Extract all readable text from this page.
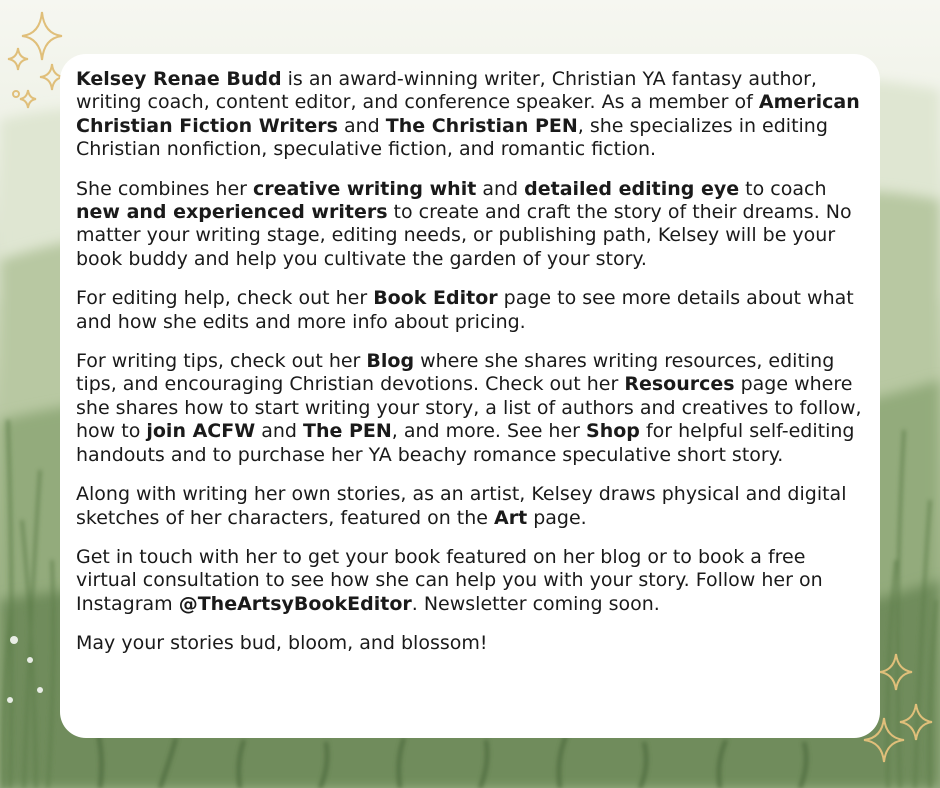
Kelsey Renae Budd is an award-winning writer, Christian YA fantasy author, writing coach, content editor, and conference speaker. As a member of American Christian Fiction Writers and The Christian PEN, she specializes in editing Christian nonfiction, speculative fiction, and romantic fiction.

She combines her creative writing whit and detailed editing eye to coach new and experienced writers to create and craft the story of their dreams. No matter your writing stage, editing needs, or publishing path, Kelsey will be your book buddy and help you cultivate the garden of your story.

For editing help, check out her Book Editor page to see more details about what and how she edits and more info about pricing.

For writing tips, check out her Blog where she shares writing resources, editing tips, and encouraging Christian devotions. Check out her Resources page where she shares how to start writing your story, a list of authors and creatives to follow, how to join ACFW and The PEN, and more. See her Shop for helpful self-editing handouts and to purchase her YA beachy romance speculative short story.

Along with writing her own stories, as an artist, Kelsey draws physical and digital sketches of her characters, featured on the Art page.

Get in touch with her to get your book featured on her blog or to book a free virtual consultation to see how she can help you with your story. Follow her on Instagram @TheArtsyBookEditor. Newsletter coming soon.

May your stories bud, bloom, and blossom!
